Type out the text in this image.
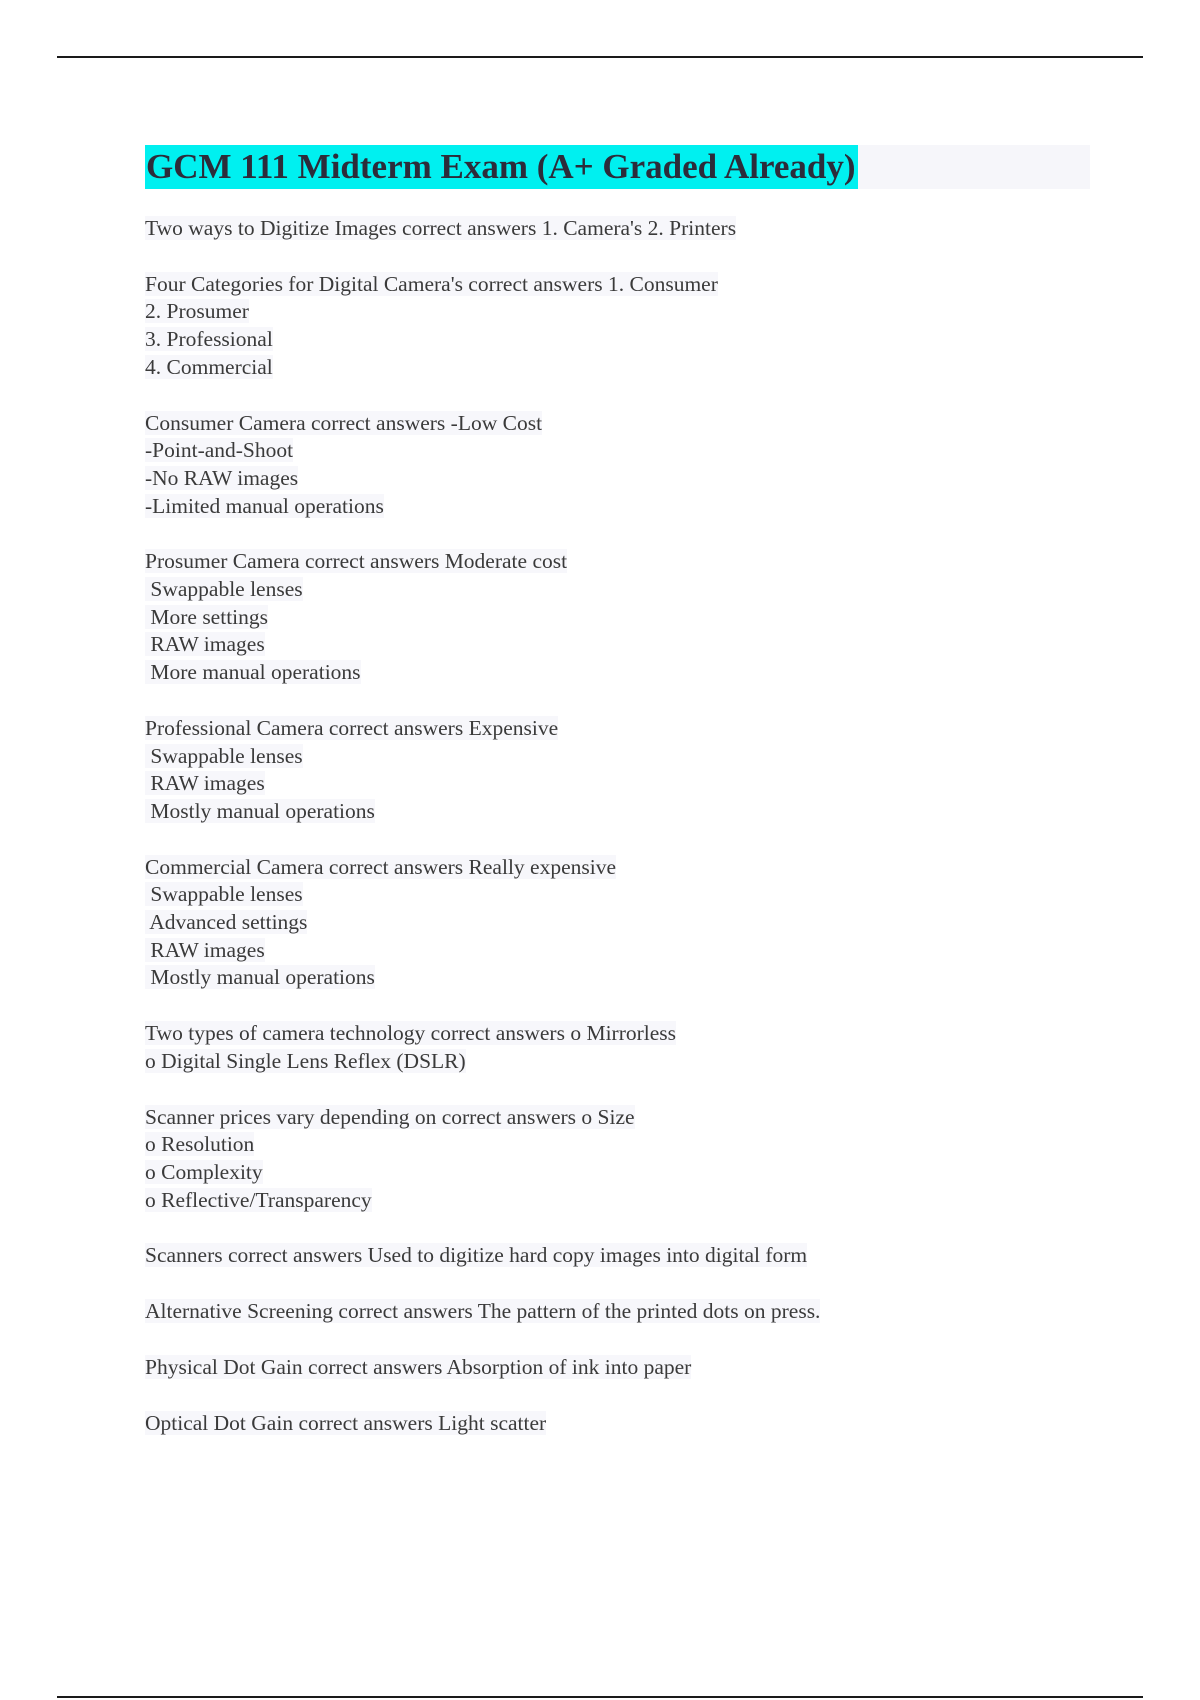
GCM 111 Midterm Exam (A+ Graded Already)
Two ways to Digitize Images correct answers 1. Camera's 2. Printers
Four Categories for Digital Camera's correct answers 1. Consumer
2. Prosumer
3. Professional
4. Commercial
Consumer Camera correct answers -Low Cost
-Point-and-Shoot
-No RAW images
-Limited manual operations
Prosumer Camera correct answers Moderate cost
Swappable lenses
More settings
RAW images
More manual operations
Professional Camera correct answers Expensive
Swappable lenses
RAW images
Mostly manual operations
Commercial Camera correct answers Really expensive
Swappable lenses
Advanced settings
RAW images
Mostly manual operations
Two types of camera technology correct answers o Mirrorless
o Digital Single Lens Reflex (DSLR)
Scanner prices vary depending on correct answers o Size
o Resolution
o Complexity
o Reflective/Transparency
Scanners correct answers Used to digitize hard copy images into digital form
Alternative Screening correct answers The pattern of the printed dots on press.
Physical Dot Gain correct answers Absorption of ink into paper
Optical Dot Gain correct answers Light scatter
